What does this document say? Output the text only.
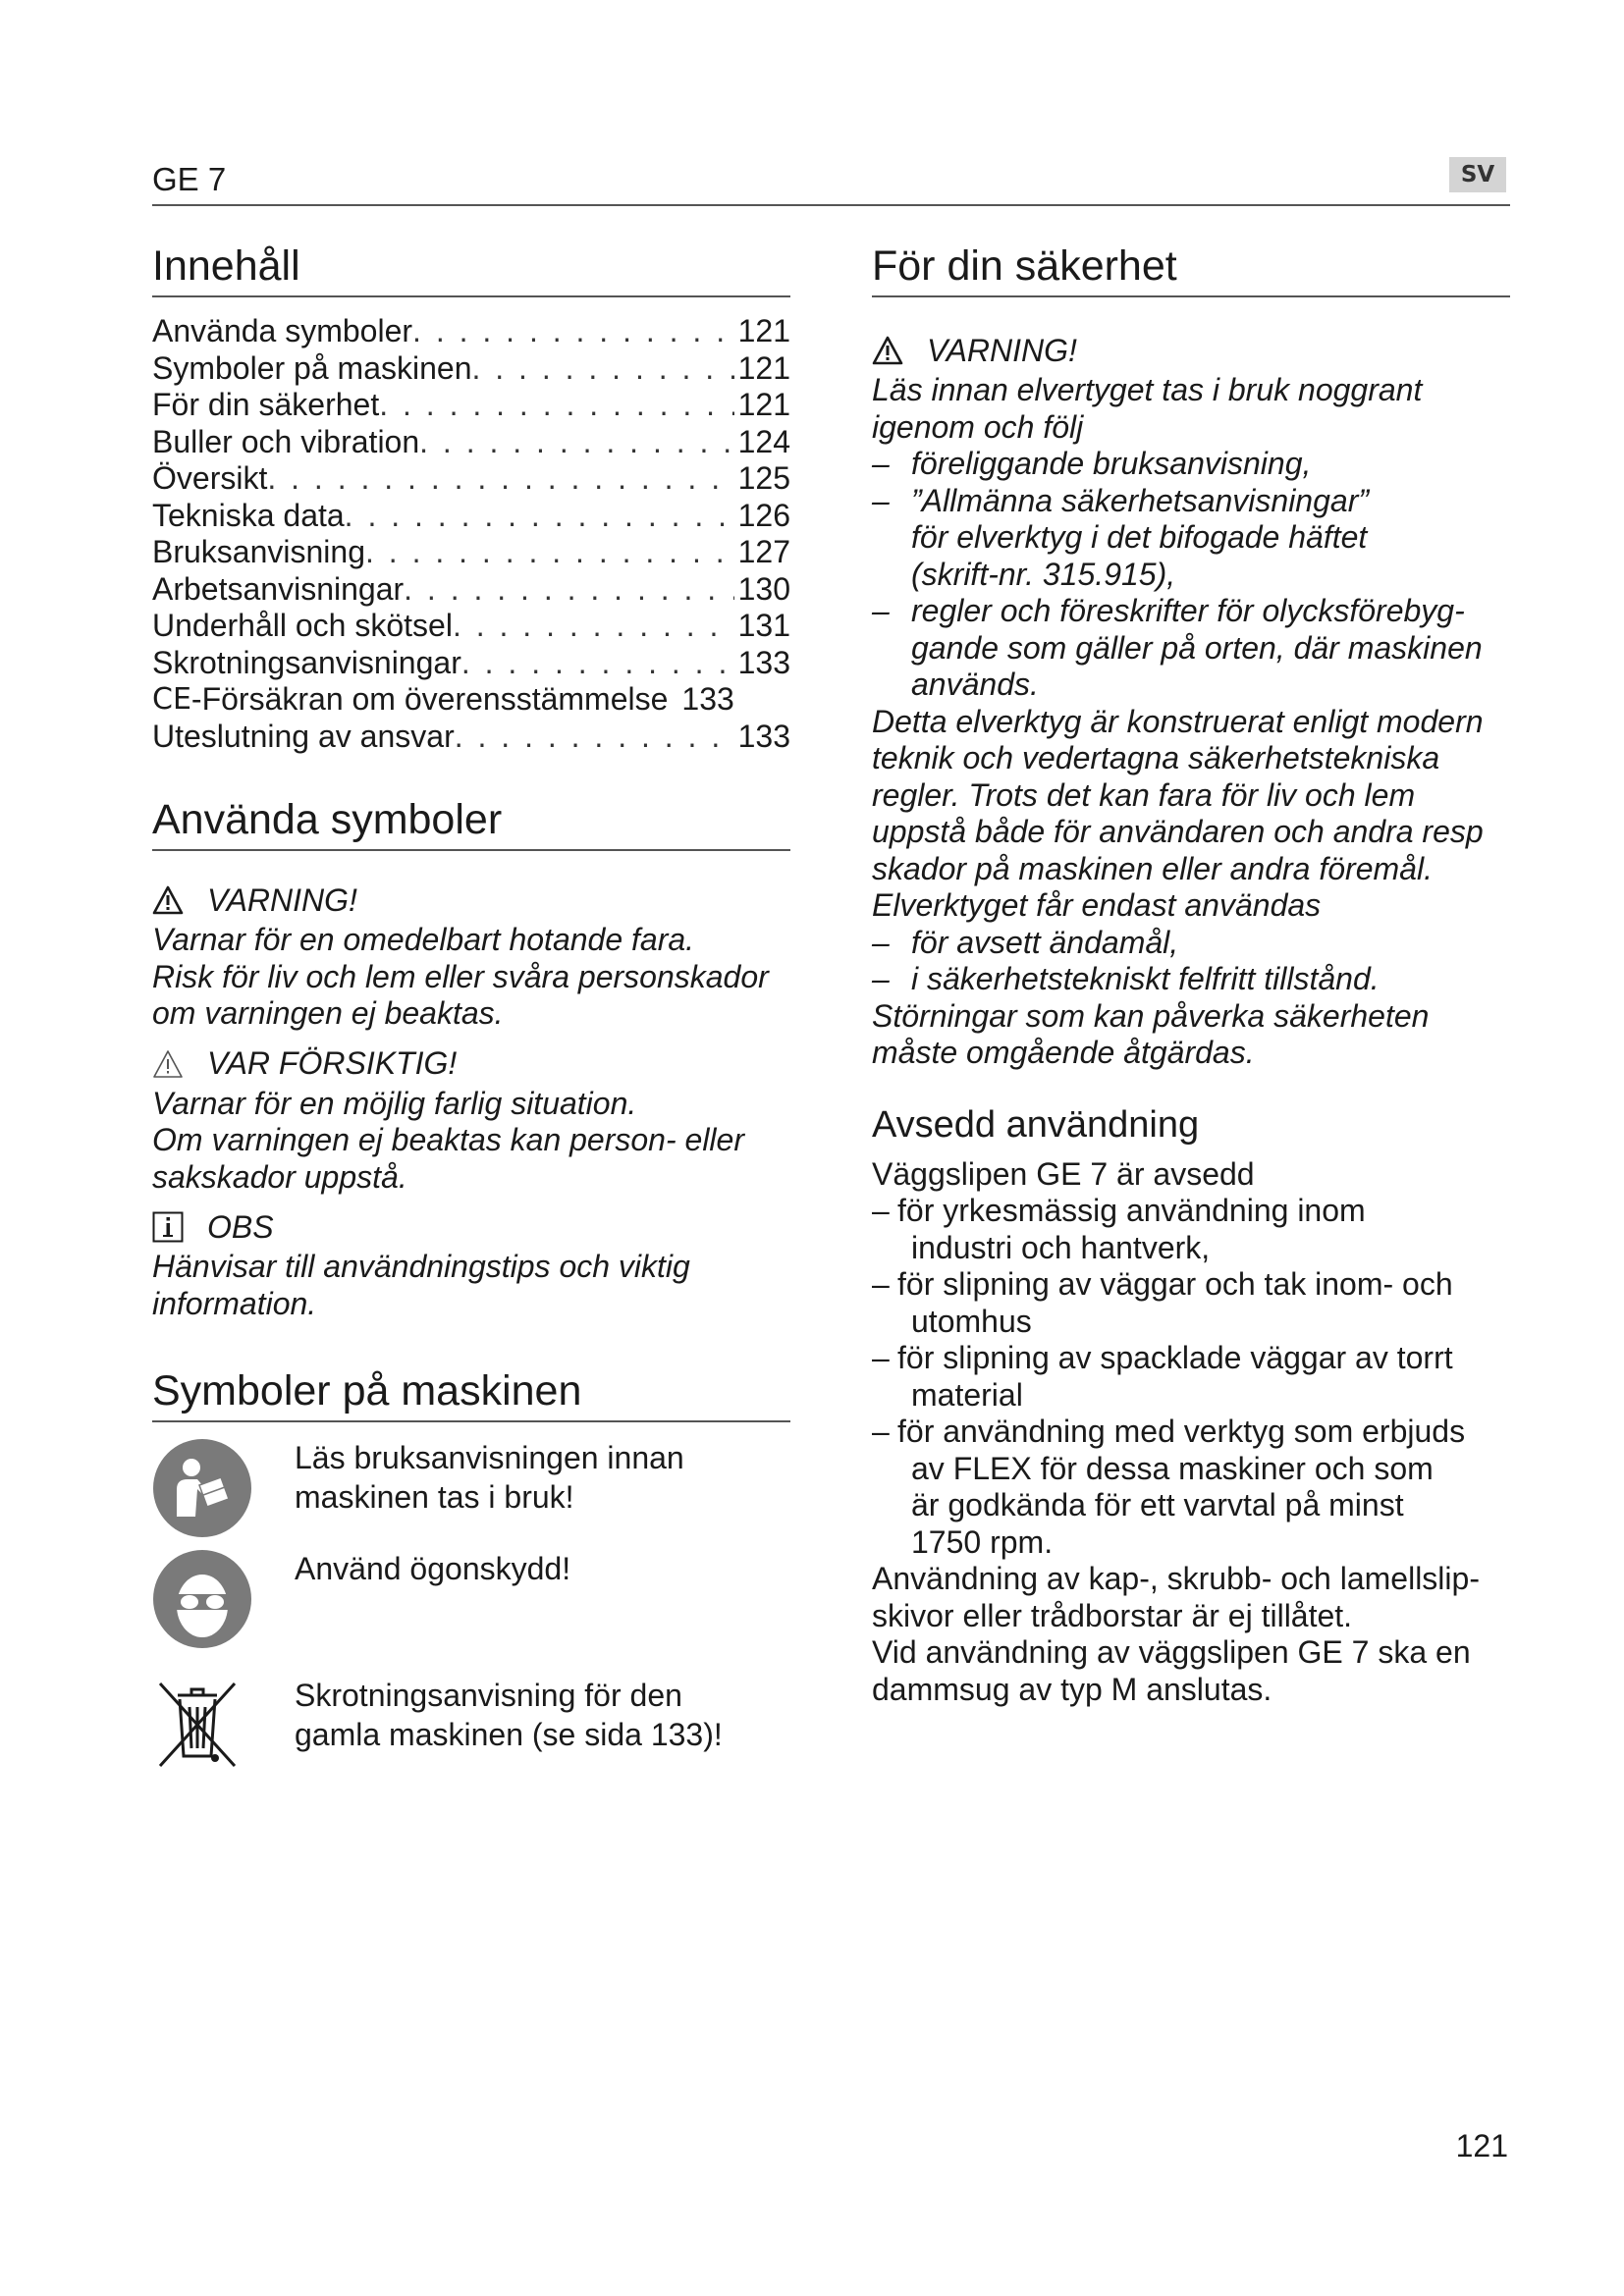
GE 7	SV
Innehåll
Använda symboler . . .	121
Symboler på maskinen . . .	121
För din säkerhet . . .	121
Buller och vibration . . .	124
Översikt . . .	125
Tekniska data . . .	126
Bruksanvisning . . .	127
Arbetsanvisningar . . .	130
Underhåll och skötsel . . .	131
Skrotningsanvisningar . . .	133
CE -Försäkran om överensstämmelse 133
Uteslutning av ansvar . . .	133
Använda symboler
VARNING!
Varnar för en omedelbart hotande fara.
Risk för liv och lem eller svåra personskador
om varningen ej beaktas.
VAR FÖRSIKTIG!
Varnar för en möjlig farlig situation.
Om varningen ej beaktas kan person- eller
sakskador uppstå.
OBS
Hänvisar till användningstips och viktig
information.
Symboler på maskinen
Läs bruksanvisningen innan
maskinen tas i bruk!
Använd ögonskydd!
Skrotningsanvisning för den
gamla maskinen (se sida 133)!
För din säkerhet
VARNING!
Läs innan elvertyget tas i bruk noggrant
igenom och följ
– föreliggande bruksanvisning,
– ”Allmänna säkerhetsanvisningar”
för elverktyg i det bifogade häftet
(skrift-nr. 315.915),
– regler och föreskrifter för olycksförebyg-
gande som gäller på orten, där maskinen
används.
Detta elverktyg är konstruerat enligt modern
teknik och vedertagna säkerhetstekniska
regler. Trots det kan fara för liv och lem
uppstå både för användaren och andra resp
skador på maskinen eller andra föremål.
Elverktyget får endast användas
– för avsett ändamål,
– i säkerhetstekniskt felfritt tillstånd.
Störningar som kan påverka säkerheten
måste omgående åtgärdas.
Avsedd användning
Väggslipen GE 7 är avsedd
– för yrkesmässig användning inom
industri och hantverk,
– för slipning av väggar och tak inom- och
utomhus
– för slipning av spacklade väggar av torrt
material
– för användning med verktyg som erbjuds
av FLEX för dessa maskiner och som
är godkända för ett varvtal på minst
1750 rpm.
Användning av kap-, skrubb- och lamellslip-
skivor eller trådborstar är ej tillåtet.
Vid användning av väggslipen GE 7 ska en
dammsug av typ M anslutas.
121
